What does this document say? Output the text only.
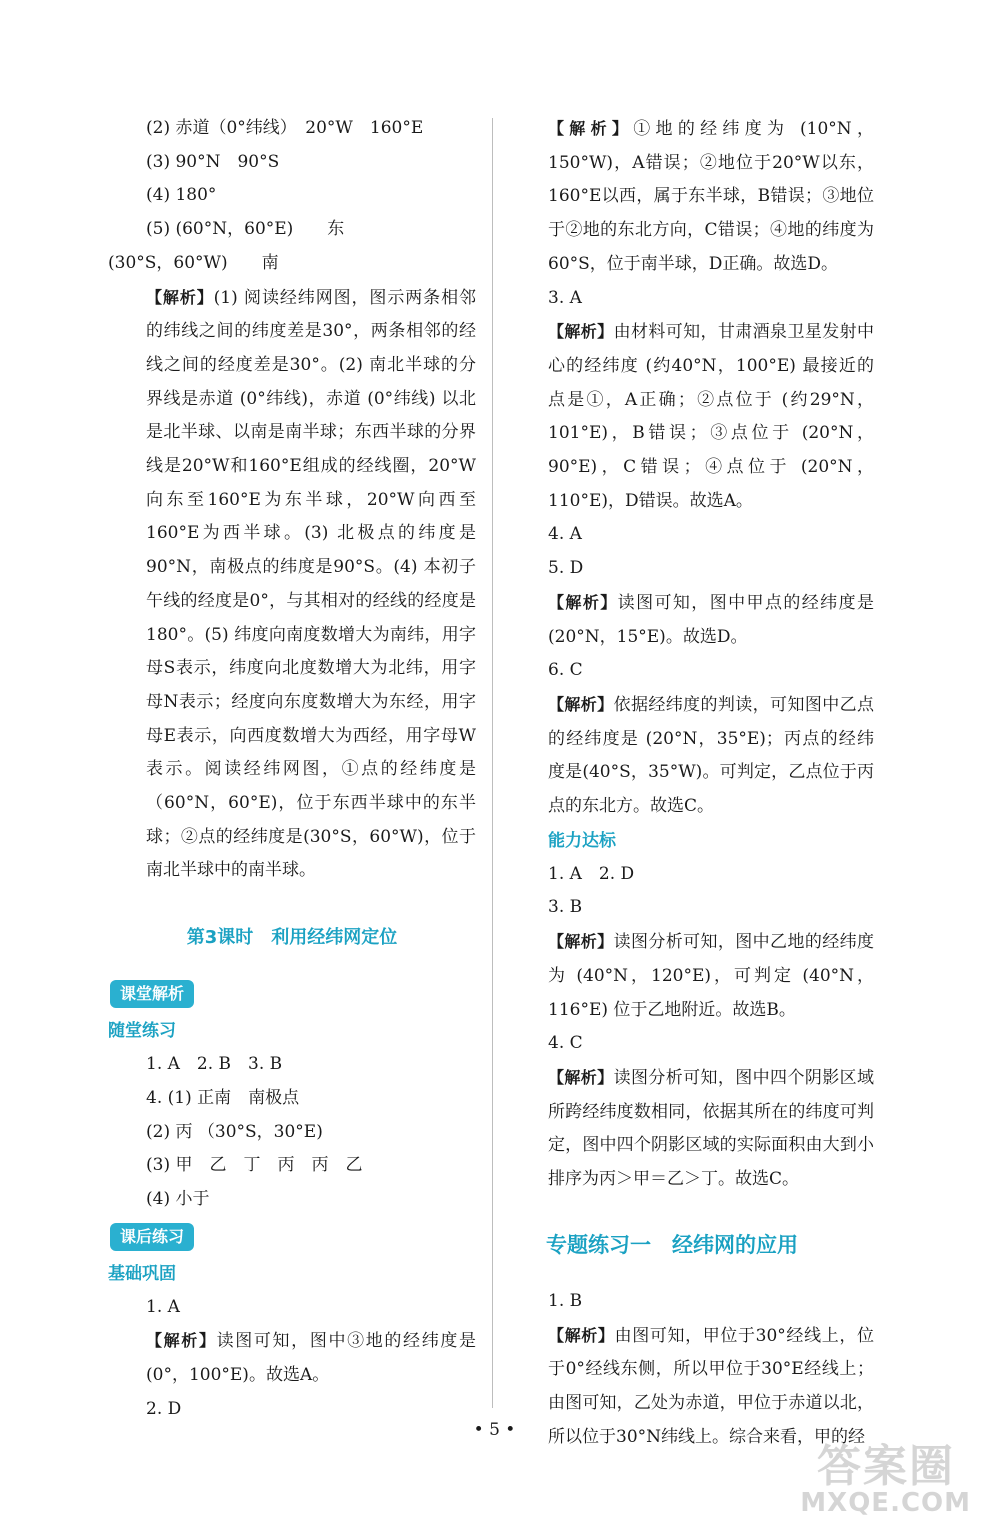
(2) 赤道（0°纬线）　20°W　160°E

(3) 90°N　90°S

(4) 180°

(5) (60°N，60°E)　　东

(30°S，60°W)　　南

【解析】(1) 阅读经纬网图，图示两条相邻的纬线之间的纬度差是30°，两条相邻的经线之间的经度差是30°。(2) 南北半球的分界线是赤道 (0°纬线)，赤道 (0°纬线) 以北是北半球、以南是南半球；东西半球的分界线是20°W和160°E组成的经线圈，20°W向东至160°E为东半球，20°W向西至160°E为西半球。(3) 北极点的纬度是90°N，南极点的纬度是90°S。(4) 本初子午线的经度是0°，与其相对的经线的经度是180°。(5) 纬度向南度数增大为南纬，用字母S表示，纬度向北度数增大为北纬，用字母N表示；经度向东度数增大为东经，用字母E表示，向西度数增大为西经，用字母W表示。阅读经纬网图，①点的经纬度是（60°N，60°E)，位于东西半球中的东半球；②点的经纬度是(30°S，60°W)，位于南北半球中的南半球。

第3课时　利用经纬网定位
课堂解析
随堂练习

1. A　2. B　3. B

4. (1) 正南　南极点

(2) 丙 （30°S，30°E)

(3) 甲　乙　丁　丙　丙　乙

(4) 小于

课后练习
基础巩固

1. A

【解析】读图可知，图中③地的经纬度是 (0°，100°E)。故选A。

2. D

【解析】①地的经纬度为 (10°N，150°W)，A错误；②地位于20°W以东，160°E以西，属于东半球，B错误；③地位于②地的东北方向，C错误；④地的纬度为60°S，位于南半球，D正确。故选D。

3. A

【解析】由材料可知，甘肃酒泉卫星发射中心的经纬度 (约40°N，100°E) 最接近的点是①，A正确；②点位于 (约29°N，101°E)，B错误；③点位于 (20°N，90°E)，C错误；④点位于 (20°N，110°E)，D错误。故选A。

4. A

5. D

【解析】读图可知，图中甲点的经纬度是(20°N，15°E)。故选D。

6. C

【解析】依据经纬度的判读，可知图中乙点的经纬度是 (20°N，35°E)；丙点的经纬度是(40°S，35°W)。可判定，乙点位于丙点的东北方。故选C。

能力达标

1. A　2. D

3. B

【解析】读图分析可知，图中乙地的经纬度为 (40°N，120°E)，可判定 (40°N，116°E) 位于乙地附近。故选B。

4. C

【解析】读图分析可知，图中四个阴影区域所跨经纬度数相同，依据其所在的纬度可判定，图中四个阴影区域的实际面积由大到小排序为丙＞甲＝乙＞丁。故选C。

专题练习一　经纬网的应用

1. B

【解析】由图可知，甲位于30°经线上，位于0°经线东侧，所以甲位于30°E经线上；由图可知，乙处为赤道，甲位于赤道以北，所以位于30°N纬线上。综合来看，甲的经

• 5 •
答案圈
MXQE.COM
